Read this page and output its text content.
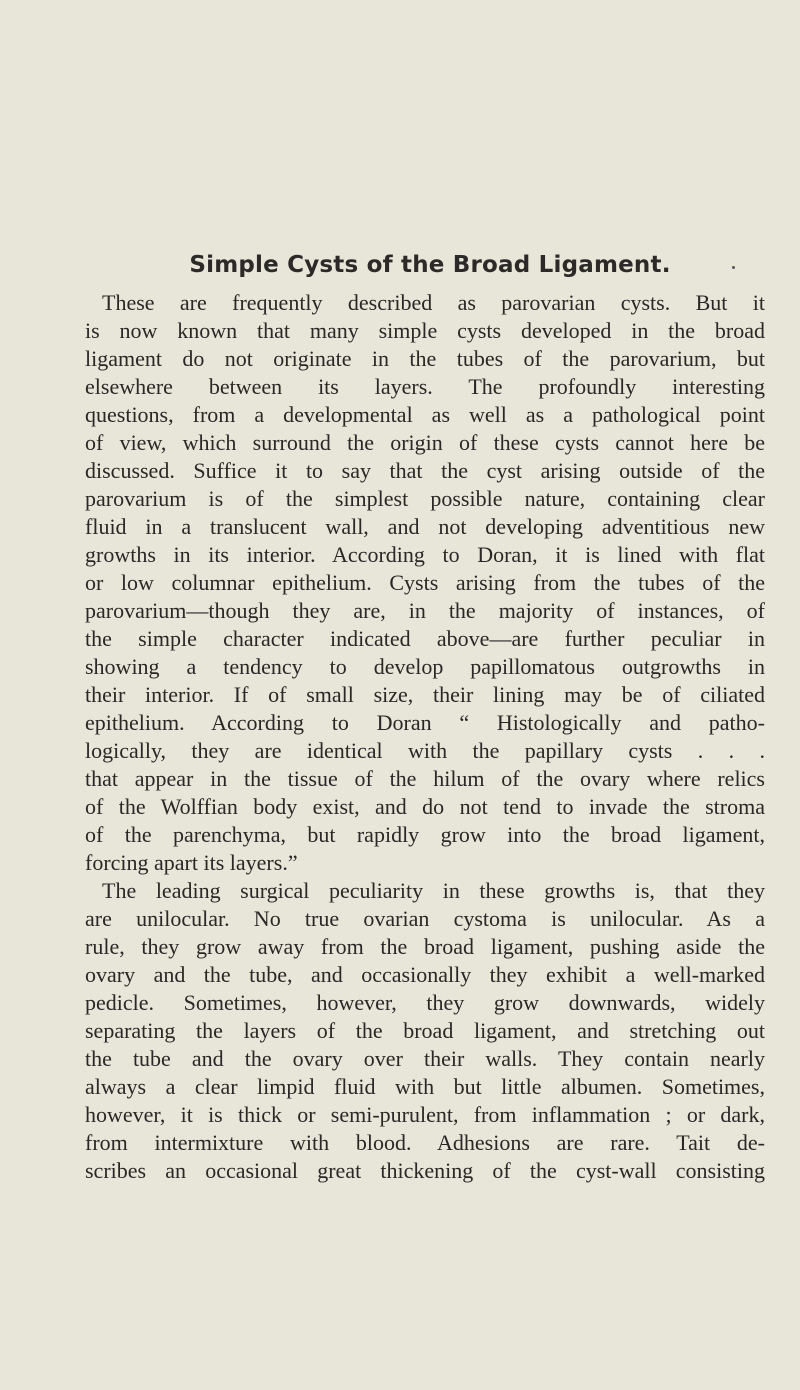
Simple Cysts of the Broad Ligament.
These are frequently described as parovarian cysts. But it
is now known that many simple cysts developed in the broad
ligament do not originate in the tubes of the parovarium, but
elsewhere between its layers. The profoundly interesting
questions, from a developmental as well as a pathological point
of view, which surround the origin of these cysts cannot here be
discussed. Suffice it to say that the cyst arising outside of the
parovarium is of the simplest possible nature, containing clear
fluid in a translucent wall, and not developing adventitious new
growths in its interior. According to Doran, it is lined with flat
or low columnar epithelium. Cysts arising from the tubes of the
parovarium—though they are, in the majority of instances, of
the simple character indicated above—are further peculiar in
showing a tendency to develop papillomatous outgrowths in
their interior. If of small size, their lining may be of ciliated
epithelium. According to Doran “ Histologically and patho-
logically, they are identical with the papillary cysts . . .
that appear in the tissue of the hilum of the ovary where relics
of the Wolffian body exist, and do not tend to invade the stroma
of the parenchyma, but rapidly grow into the broad ligament,
forcing apart its layers.”
The leading surgical peculiarity in these growths is, that they
are unilocular. No true ovarian cystoma is unilocular. As a
rule, they grow away from the broad ligament, pushing aside the
ovary and the tube, and occasionally they exhibit a well-marked
pedicle. Sometimes, however, they grow downwards, widely
separating the layers of the broad ligament, and stretching out
the tube and the ovary over their walls. They contain nearly
always a clear limpid fluid with but little albumen. Sometimes,
however, it is thick or semi-purulent, from inflammation ; or dark,
from intermixture with blood. Adhesions are rare. Tait de-
scribes an occasional great thickening of the cyst-wall consisting
